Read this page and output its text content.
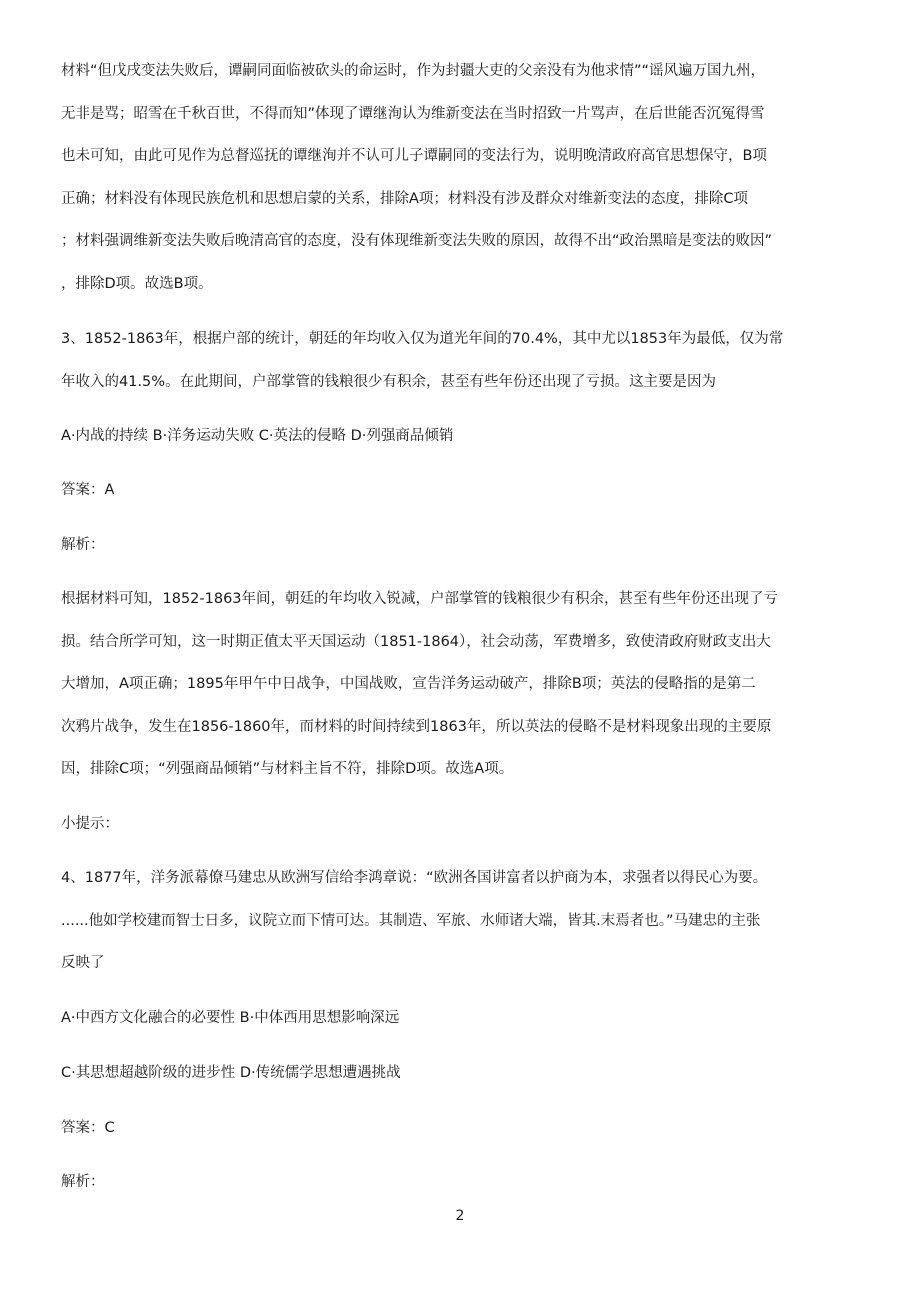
材料“但戊戌变法失败后，谭嗣同面临被砍头的命运时，作为封疆大吏的父亲没有为他求情”“谣风遍万国九州，
无非是骂；昭雪在千秋百世，不得而知”体现了谭继洵认为维新变法在当时招致一片骂声，在后世能否沉冤得雪
也未可知，由此可见作为总督巡抚的谭继洵并不认可儿子谭嗣同的变法行为，说明晚清政府高官思想保守，B项
正确；材料没有体现民族危机和思想启蒙的关系，排除A项；材料没有涉及群众对维新变法的态度，排除C项
；材料强调维新变法失败后晚清高官的态度，没有体现维新变法失败的原因，故得不出“政治黑暗是变法的败因”
，排除D项。故选B项。
3、1852-1863年，根据户部的统计，朝廷的年均收入仅为道光年间的70.4%，其中尤以1853年为最低，仅为常
年收入的41.5%。在此期间，户部掌管的钱粮很少有积余，甚至有些年份还出现了亏损。这主要是因为
A·内战的持续 B·洋务运动失败 C·英法的侵略 D·列强商品倾销
答案：A
解析：
根据材料可知，1852-1863年间，朝廷的年均收入锐减，户部掌管的钱粮很少有积余，甚至有些年份还出现了亏
损。结合所学可知，这一时期正值太平天国运动（1851-1864），社会动荡，军费增多，致使清政府财政支出大
大增加，A项正确；1895年甲午中日战争，中国战败，宣告洋务运动破产，排除B项；英法的侵略指的是第二
次鸦片战争，发生在1856-1860年，而材料的时间持续到1863年，所以英法的侵略不是材料现象出现的主要原
因，排除C项；“列强商品倾销”与材料主旨不符，排除D项。故选A项。
小提示：
4、1877年，洋务派幕僚马建忠从欧洲写信给李鸿章说：“欧洲各国讲富者以护商为本，求强者以得民心为要。
......他如学校建而智士日多，议院立而下情可达。其制造、军旅、水师诸大端，皆其.末焉者也。”马建忠的主张
反映了
A·中西方文化融合的必要性 B·中体西用思想影响深远
C·其思想超越阶级的进步性 D·传统儒学思想遭遇挑战
答案：C
解析：
2
